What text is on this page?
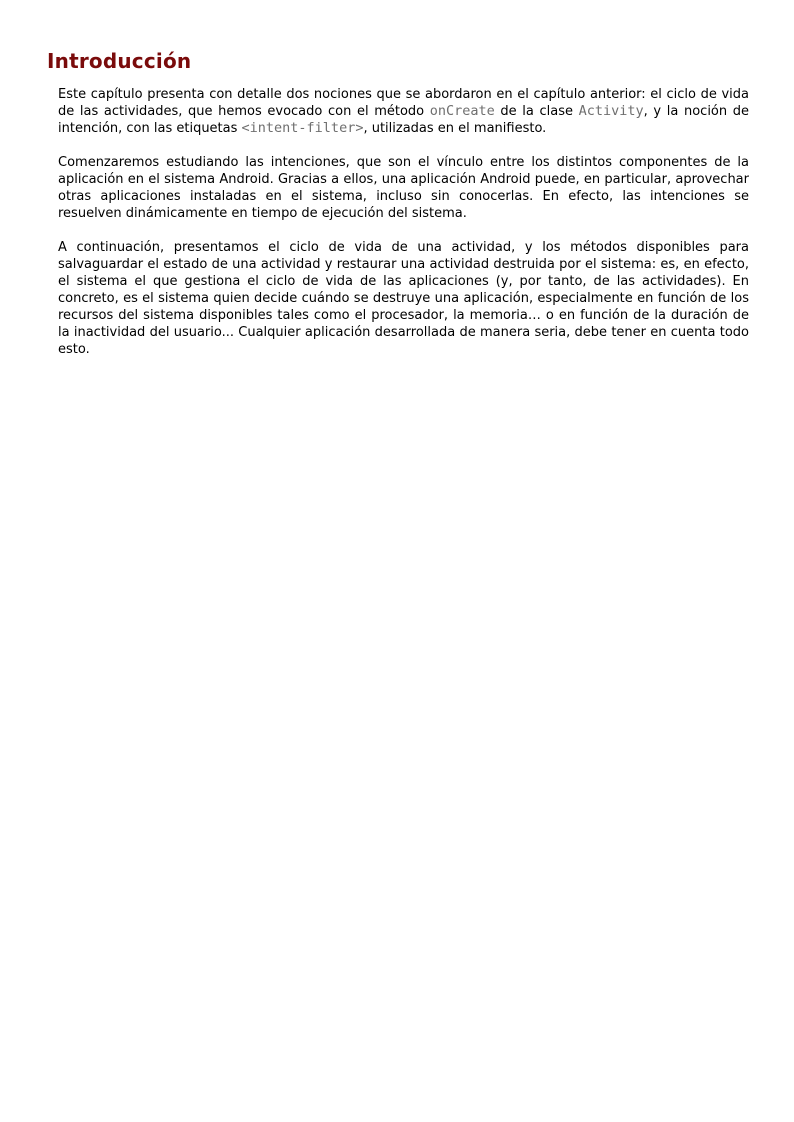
Introducción

Este capítulo presenta con detalle dos nociones que se abordaron en el capítulo anterior: el ciclo de vida de las actividades, que hemos evocado con el método onCreate de la clase Activity, y la noción de intención, con las etiquetas <intent-filter>, utilizadas en el manifiesto.

Comenzaremos estudiando las intenciones, que son el vínculo entre los distintos componentes de la aplicación en el sistema Android. Gracias a ellos, una aplicación Android puede, en particular, aprovechar otras aplicaciones instaladas en el sistema, incluso sin conocerlas. En efecto, las intenciones se resuelven dinámicamente en tiempo de ejecución del sistema.

A continuación, presentamos el ciclo de vida de una actividad, y los métodos disponibles para salvaguardar el estado de una actividad y restaurar una actividad destruida por el sistema: es, en efecto, el sistema el que gestiona el ciclo de vida de las aplicaciones (y, por tanto, de las actividades). En concreto, es el sistema quien decide cuándo se destruye una aplicación, especialmente en función de los recursos del sistema disponibles tales como el procesador, la memoria… o en función de la duración de la inactividad del usuario... Cualquier aplicación desarrollada de manera seria, debe tener en cuenta todo esto.
